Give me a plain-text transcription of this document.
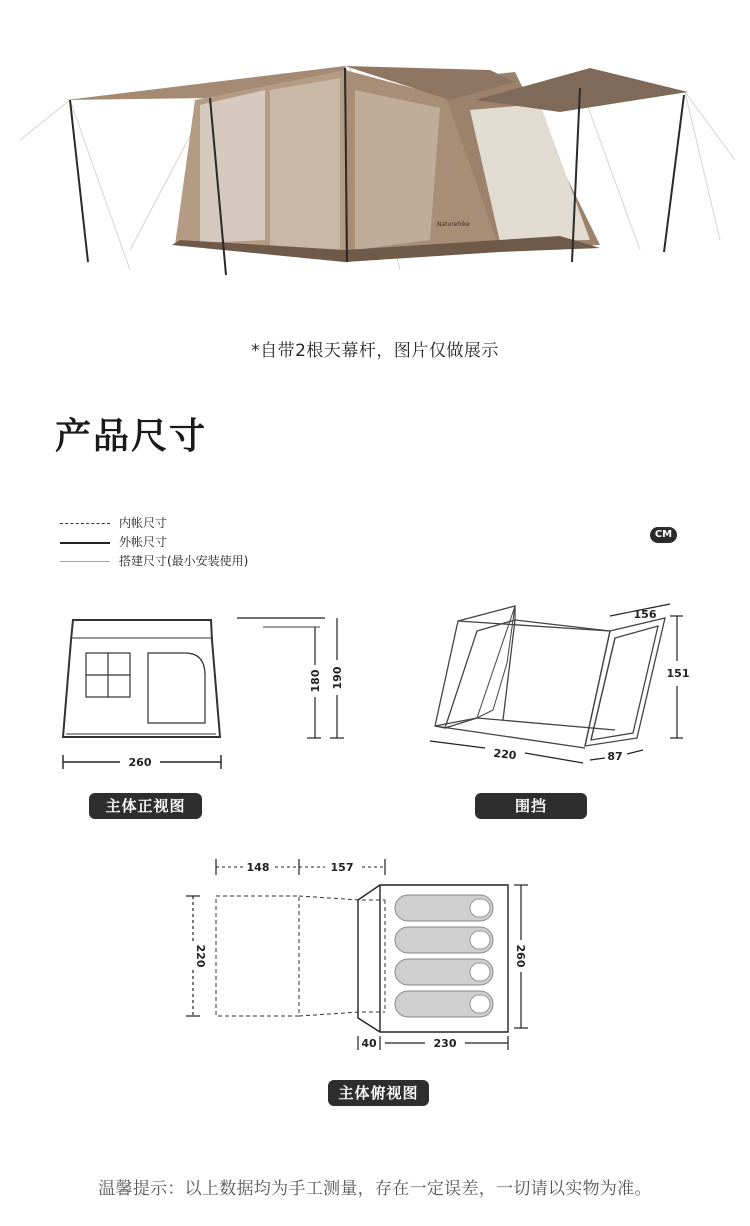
Naturehike
*自带2根天幕杆，图片仅做展示
产品尺寸
内帐尺寸
外帐尺寸
搭建尺寸(最小安装使用)
CM
260
180 190
主体正视图
156
151
220	87
围挡
148	157
220	260
40	230
主体俯视图
温馨提示：以上数据均为手工测量，存在一定误差，一切请以实物为准。
